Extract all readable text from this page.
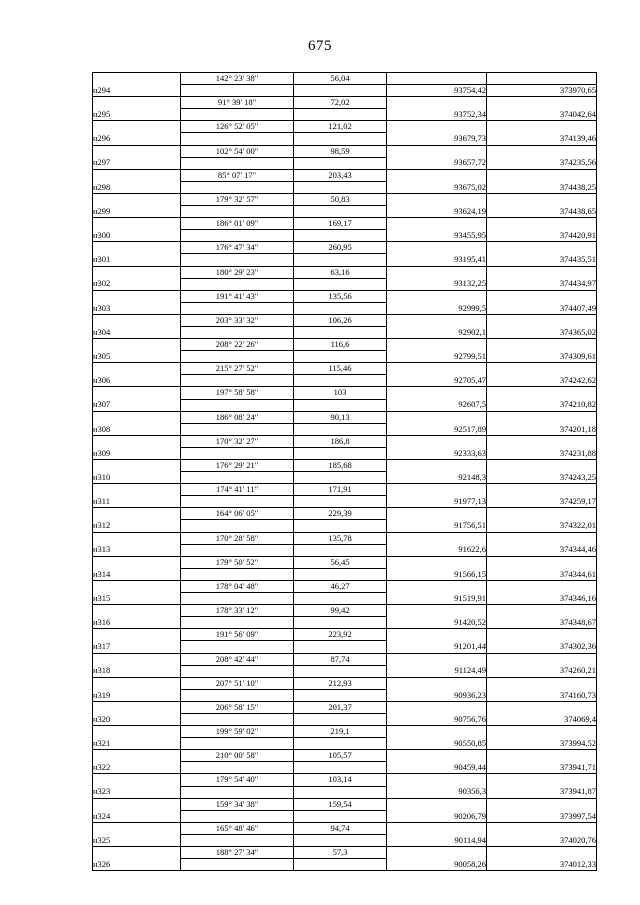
675
	142° 23' 38"	56,04		
н294			93754,42	373970,65
	91° 39' 18"	72,02		
н295			93752,34	374042,64
	126° 52' 05"	121,02		
н296			93679,73	374139,46
	102° 54' 00"	98,59		
н297			93657,72	374235,56
	85° 07' 17"	203,43		
н298			93675,02	374438,25
	179° 32' 57"	50,83		
н299			93624,19	374438,65
	186° 01' 09"	169,17		
н300			93455,95	374420,91
	176° 47' 34"	260,95		
н301			93195,41	374435,51
	180° 29' 23"	63,16		
н302			93132,25	374434,97
	191° 41' 43"	135,56		
н303			92999,5	374407,49
	203° 33' 32"	106,26		
н304			92902,1	374365,02
	208° 22' 26"	116,6		
н305			92799,51	374309,61
	215° 27' 52"	115,46		
н306			92705,47	374242,62
	197° 58' 58"	103		
н307			92607,5	374210,82
	186° 08' 24"	90,13		
н308			92517,89	374201,18
	170° 32' 27"	186,8		
н309			92333,63	374231,88
	176° 29' 21"	185,68		
н310			92148,3	374243,25
	174° 41' 11"	171,91		
н311			91977,13	374259,17
	164° 06' 05"	229,39		
н312			91756,51	374322,01
	170° 28' 58"	135,78		
н313			91622,6	374344,46
	179° 50' 52"	56,45		
н314			91566,15	374344,61
	178° 04' 48"	46,27		
н315			91519,91	374346,16
	178° 33' 12"	99,42		
н316			91420,52	374348,67
	191° 56' 09"	223,92		
н317			91201,44	374302,36
	208° 42' 44"	87,74		
н318			91124,49	374260,21
	207° 51' 10"	212,93		
н319			90936,23	374160,73
	206° 58' 15"	201,37		
н320			90756,76	374069,4
	199° 59' 02"	219,1		
н321			90550,85	373994,52
	210° 00' 58"	105,57		
н322			90459,44	373941,71
	179° 54' 40"	103,14		
н323			90356,3	373941,87
	159° 34' 38"	159,54		
н324			90206,79	373997,54
	165° 48' 46"	94,74		
н325			90114,94	374020,76
	188° 27' 34"	57,3		
н326			90058,26	374012,33
